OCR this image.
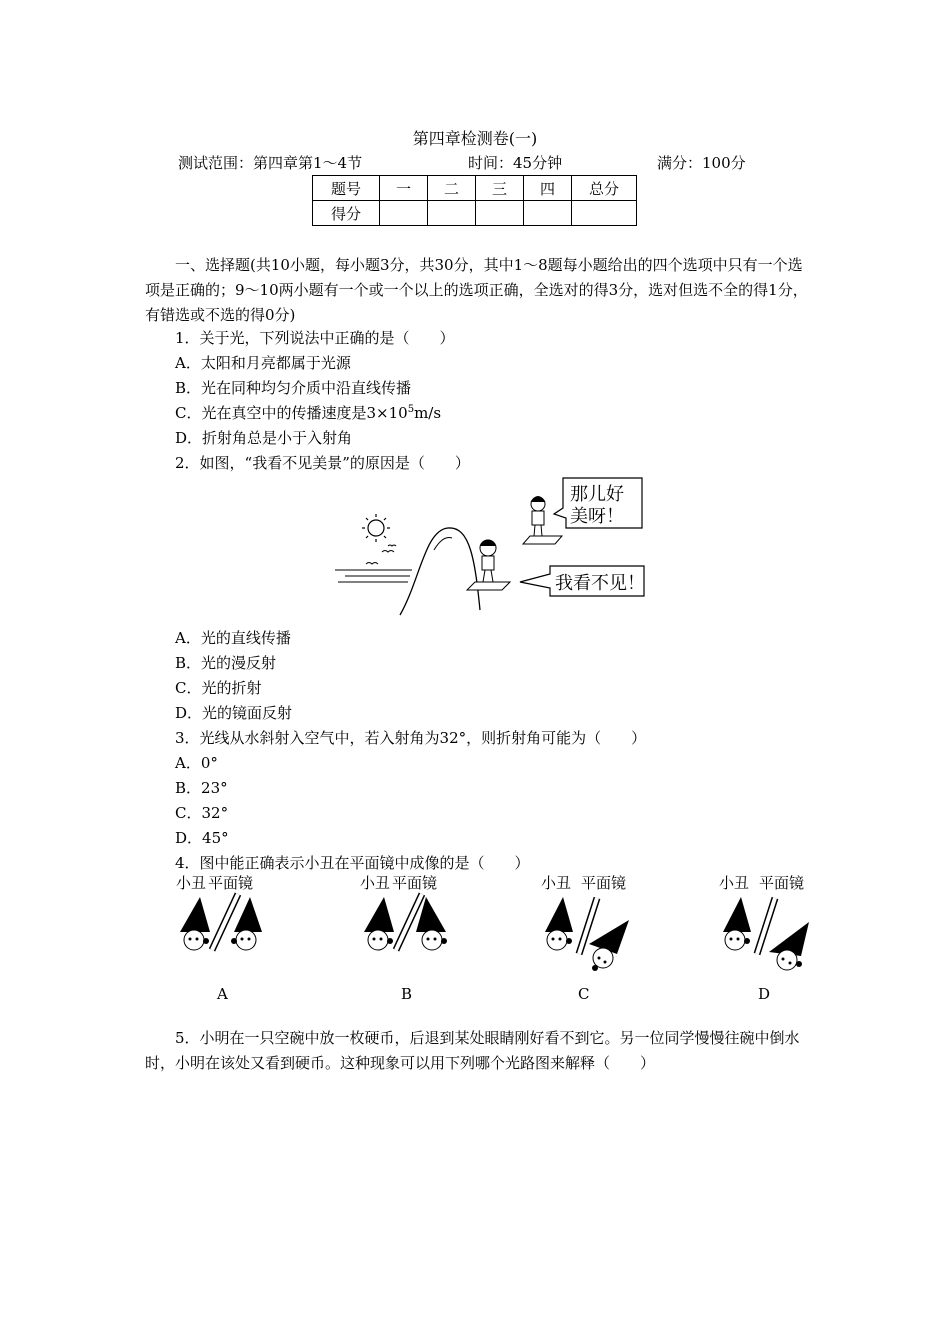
第四章检测卷(一)
测试范围：第四章第1～4节	时间：45分钟	满分：100分
题号	一	二	三	四	总分
得分					
一、选择题(共10小题，每小题3分，共30分，其中1～8题每小题给出的四个选项中只有一个选项是正确的；9～10两小题有一个或一个以上的选项正确，全选对的得3分，选对但选不全的得1分，有错选或不选的得0分)
1．关于光，下列说法中正确的是（　　）
A．太阳和月亮都属于光源
B．光在同种均匀介质中沿直线传播
C．光在真空中的传播速度是$3\times 10^5m/s$
D．折射角总是小于入射角
2．如图，“我看不见美景”的原因是（　　）
那儿好
美呀！
我看不见！
A．光的直线传播
B．光的漫反射
C．光的折射
D．光的镜面反射
3．光线从水斜射入空气中，若入射角为32°，则折射角可能为（　　）
A．0°
B．23°
C．32°
D．45°
4．图中能正确表示小丑在平面镜中成像的是（　　）
小丑 平面镜
A
小丑 平面镜
B
小丑 平面镜
C
小丑 平面镜
D
5．小明在一只空碗中放一枚硬币，后退到某处眼睛刚好看不到它。另一位同学慢慢往碗中倒水时，小明在该处又看到硬币。这种现象可以用下列哪个光路图来解释（　　）
